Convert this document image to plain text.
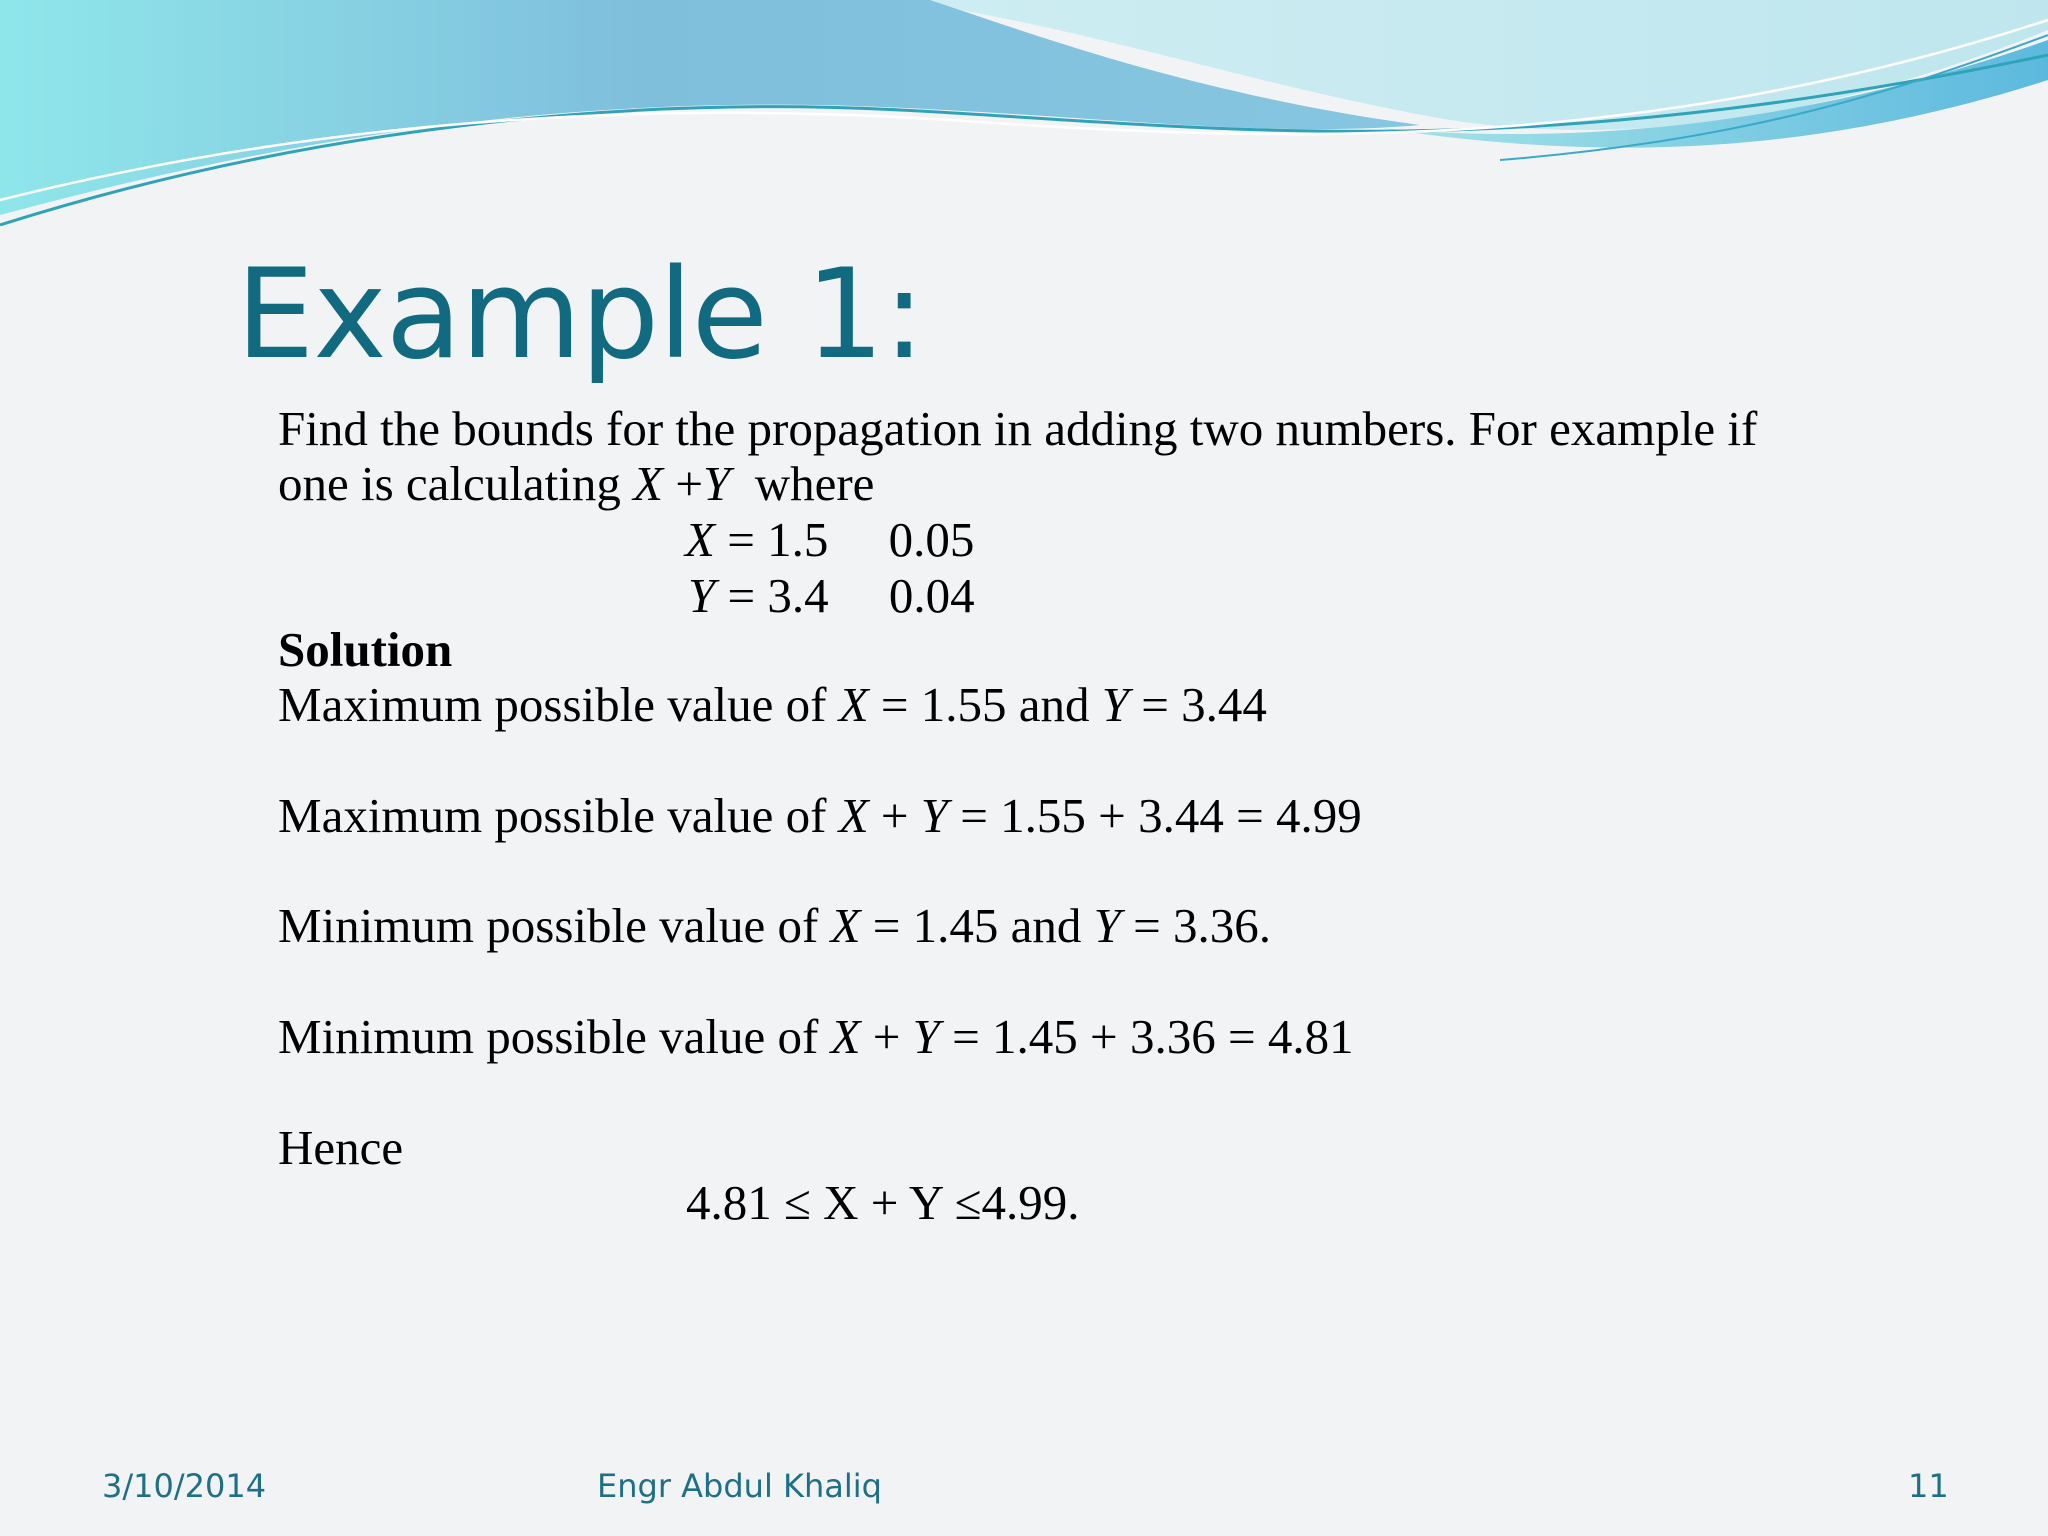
Example 1:
Find the bounds for the propagation in adding two numbers. For example if
one is calculating X +Y where
X = 1.5 0.05
Y = 3.4 0.04
Solution
Maximum possible value of X = 1.55 and Y = 3.44
Maximum possible value of X + Y = 1.55 + 3.44 = 4.99
Minimum possible value of X = 1.45 and Y = 3.36.
Minimum possible value of X + Y = 1.45 + 3.36 = 4.81
Hence
4.81 ≤ X + Y ≤4.99.
3/10/2014	Engr Abdul Khaliq	11
